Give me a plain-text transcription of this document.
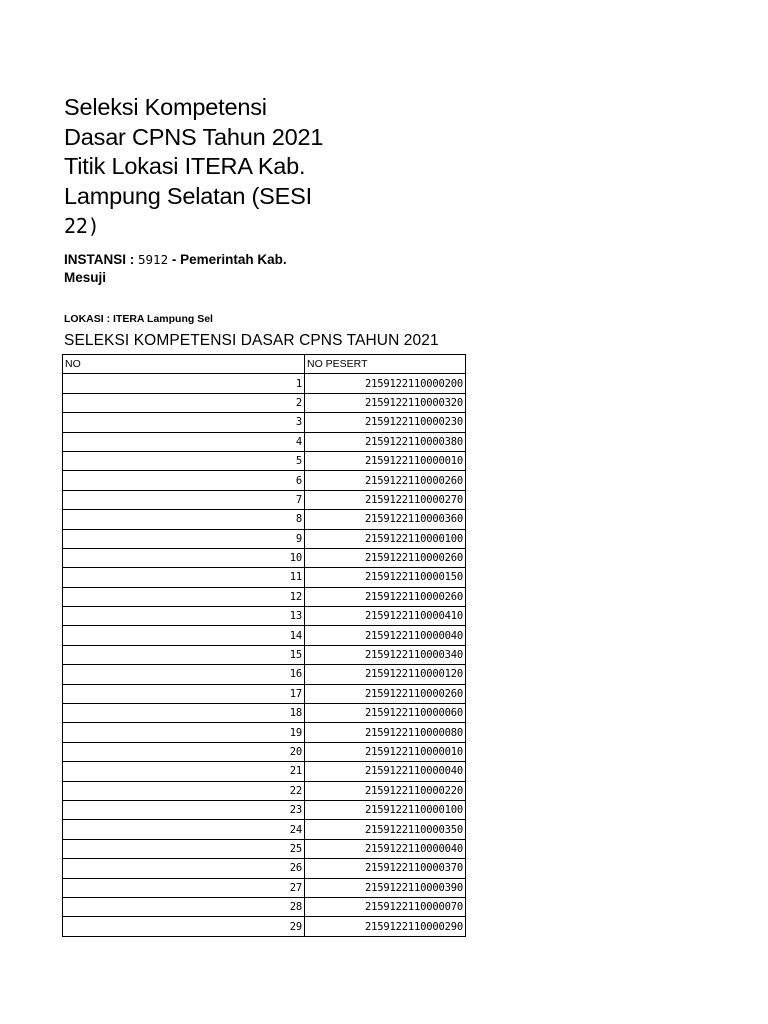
Seleksi Kompetensi Dasar CPNS Tahun 2021 Titik Lokasi ITERA Kab. Lampung Selatan (SESI 22)
INSTANSI : 5912 - Pemerintah Kab. Mesuji
LOKASI : ITERA Lampung Sel
SELEKSI KOMPETENSI DASAR CPNS TAHUN 2021
NO	NO PESERT
1	2159122110000200
2	2159122110000320
3	2159122110000230
4	2159122110000380
5	2159122110000010
6	2159122110000260
7	2159122110000270
8	2159122110000360
9	2159122110000100
10	2159122110000260
11	2159122110000150
12	2159122110000260
13	2159122110000410
14	2159122110000040
15	2159122110000340
16	2159122110000120
17	2159122110000260
18	2159122110000060
19	2159122110000080
20	2159122110000010
21	2159122110000040
22	2159122110000220
23	2159122110000100
24	2159122110000350
25	2159122110000040
26	2159122110000370
27	2159122110000390
28	2159122110000070
29	2159122110000290
